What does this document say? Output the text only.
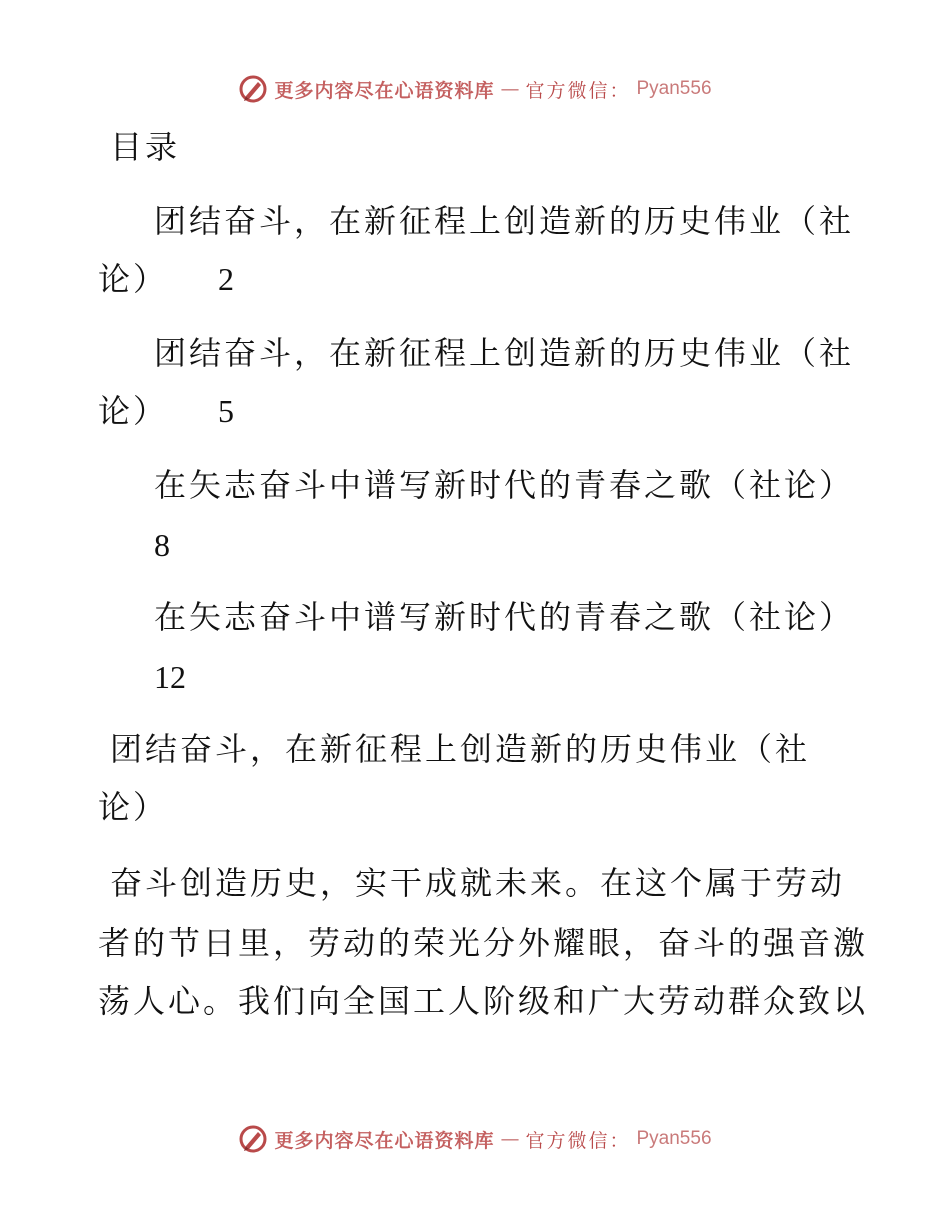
更多内容尽在心语资料库 — 官方微信： Pyan556
目录
团结奋斗，在新征程上创造新的历史伟业（社
论） 2
团结奋斗，在新征程上创造新的历史伟业（社
论） 5
在矢志奋斗中谱写新时代的青春之歌（社论）
8
在矢志奋斗中谱写新时代的青春之歌（社论）
12
团结奋斗，在新征程上创造新的历史伟业（社
论）
奋斗创造历史，实干成就未来。在这个属于劳动
者的节日里，劳动的荣光分外耀眼，奋斗的强音激
荡人心。我们向全国工人阶级和广大劳动群众致以
更多内容尽在心语资料库 — 官方微信： Pyan556
